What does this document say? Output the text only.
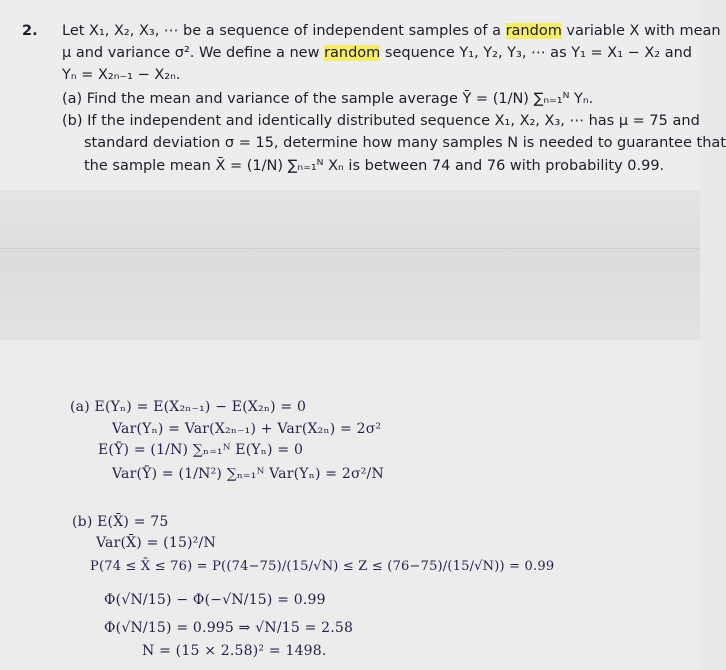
2. Let X₁, X₂, X₃, ⋯ be a sequence of independent samples of a random variable X with mean
μ and variance σ². We define a new random sequence Y₁, Y₂, Y₃, ⋯ as Y₁ = X₁ − X₂ and
Yₙ = X₂ₙ₋₁ − X₂ₙ.
(a) Find the mean and variance of the sample average Ȳ = (1/N) ∑ₙ₌₁ᴺ Yₙ.
(b) If the independent and identically distributed sequence X₁, X₂, X₃, ⋯ has μ = 75 and
standard deviation σ = 15, determine how many samples N is needed to guarantee that
the sample mean X̄ = (1/N) ∑ₙ₌₁ᴺ Xₙ is between 74 and 76 with probability 0.99.
(a) E(Yₙ) = E(X₂ₙ₋₁) − E(X₂ₙ) = 0
Var(Yₙ) = Var(X₂ₙ₋₁) + Var(X₂ₙ) = 2σ²
E(Ȳ) = (1/N) ∑ₙ₌₁ᴺ E(Yₙ) = 0
Var(Ȳ) = (1/N²) ∑ₙ₌₁ᴺ Var(Yₙ) = 2σ²/N
(b) E(X̄) = 75
Var(X̄) = (15)²/N
P(74 ≤ X̄ ≤ 76) = P((74−75)/(15/√N) ≤ Z ≤ (76−75)/(15/√N)) = 0.99
Φ(√N/15) − Φ(−√N/15) = 0.99
Φ(√N/15) = 0.995 ⇒ √N/15 = 2.58
N = (15 × 2.58)² = 1498.
